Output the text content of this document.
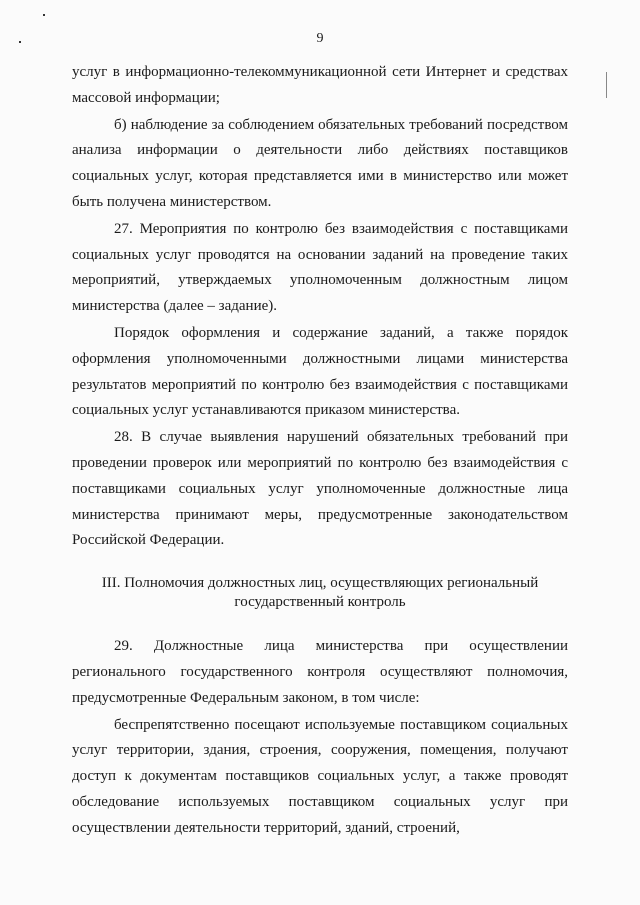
9

услуг в информационно-телекоммуникационной сети Интернет и средствах массовой информации;

б) наблюдение за соблюдением обязательных требований посредством анализа информации о деятельности либо действиях поставщиков социальных услуг, которая представляется ими в министерство или может быть получена министерством.

27. Мероприятия по контролю без взаимодействия с поставщиками социальных услуг проводятся на основании заданий на проведение таких мероприятий, утверждаемых уполномоченным должностным лицом министерства (далее – задание).

Порядок оформления и содержание заданий, а также порядок оформления уполномоченными должностными лицами министерства результатов мероприятий по контролю без взаимодействия с поставщиками социальных услуг устанавливаются приказом министерства.

28. В случае выявления нарушений обязательных требований при проведении проверок или мероприятий по контролю без взаимодействия с поставщиками социальных услуг уполномоченные должностные лица министерства принимают меры, предусмотренные законодательством Российской Федерации.

III. Полномочия должностных лиц, осуществляющих региональный
государственный контроль

29. Должностные лица министерства при осуществлении регионального государственного контроля осуществляют полномочия, предусмотренные Федеральным законом, в том числе:

беспрепятственно посещают используемые поставщиком социальных услуг территории, здания, строения, сооружения, помещения, получают доступ к документам поставщиков социальных услуг, а также проводят обследование используемых поставщиком социальных услуг при осуществлении деятельности территорий, зданий, строений,
